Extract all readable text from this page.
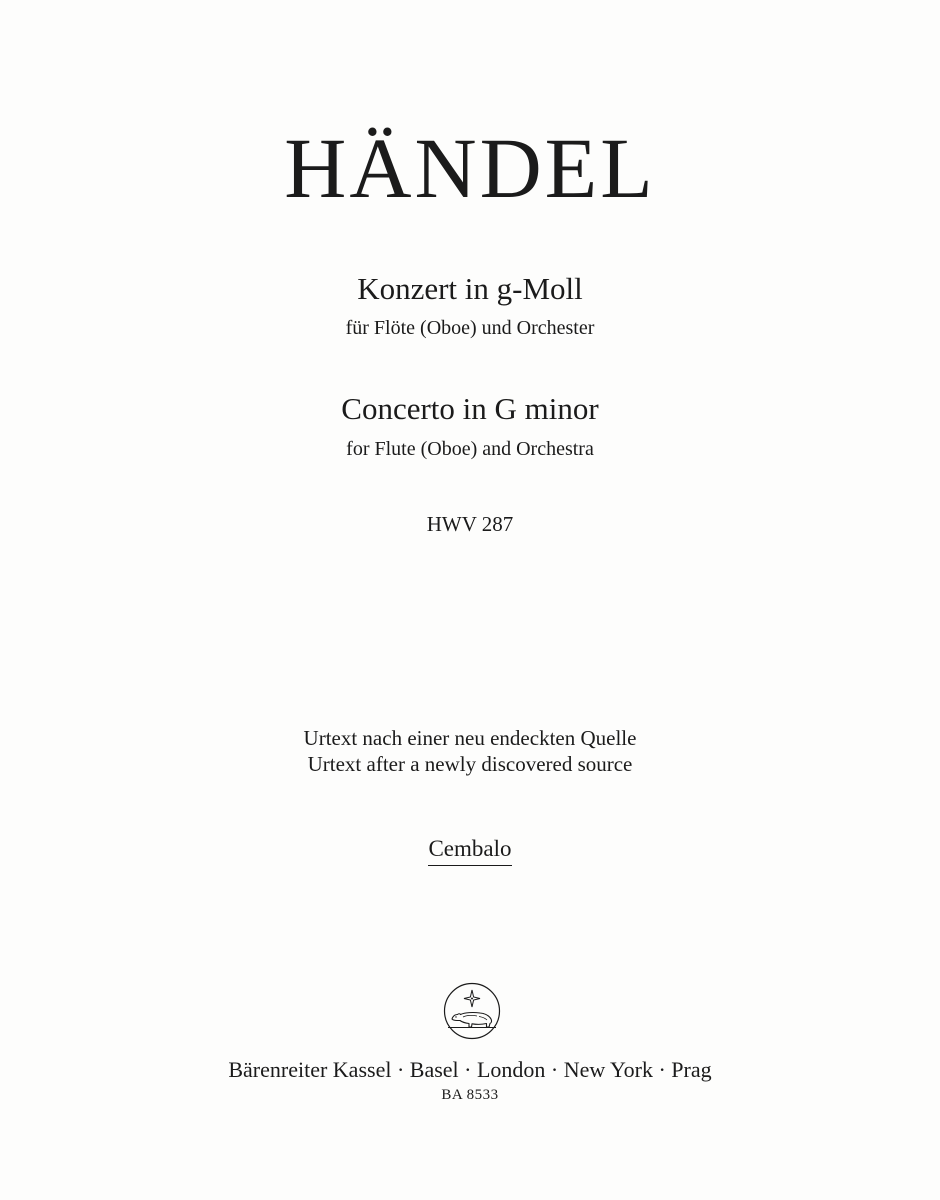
HÄNDEL
Konzert in g-Moll
für Flöte (Oboe) und Orchester
Concerto in G minor
for Flute (Oboe) and Orchestra
HWV 287
Urtext nach einer neu endeckten Quelle
Urtext after a newly discovered source
Cembalo
Bärenreiter Kassel · Basel · London · New York · Prag
BA 8533
